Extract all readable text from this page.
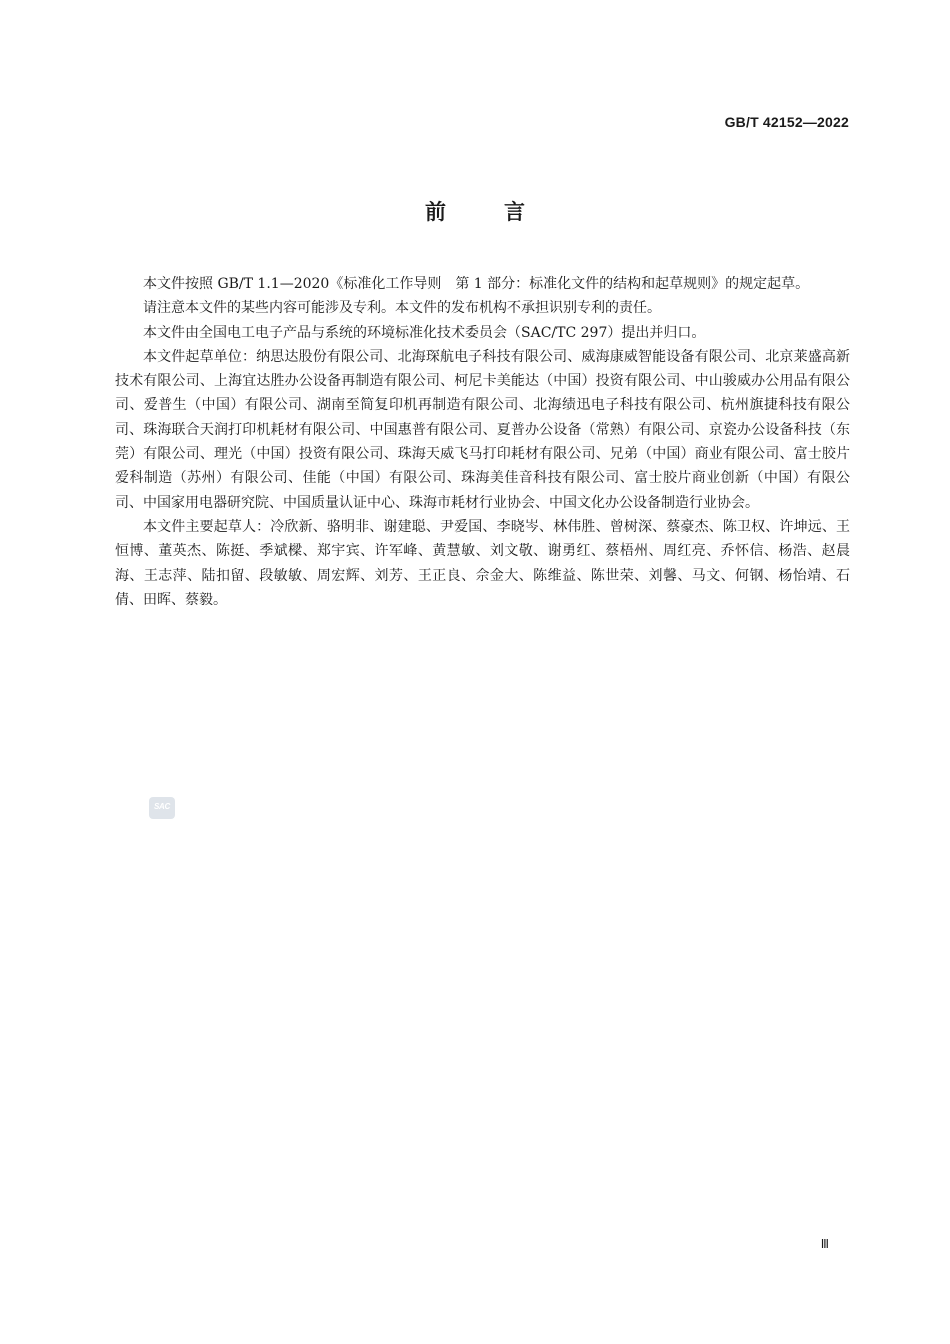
GB/T 42152—2022
前言

本文件按照 GB/T 1.1—2020《标准化工作导则　第 1 部分：标准化文件的结构和起草规则》的规定起草。

请注意本文件的某些内容可能涉及专利。本文件的发布机构不承担识别专利的责任。

本文件由全国电工电子产品与系统的环境标准化技术委员会（SAC/TC 297）提出并归口。

本文件起草单位：纳思达股份有限公司、北海琛航电子科技有限公司、威海康威智能设备有限公司、北京莱盛高新技术有限公司、上海宜达胜办公设备再制造有限公司、柯尼卡美能达（中国）投资有限公司、中山骏威办公用品有限公司、爱普生（中国）有限公司、湖南至简复印机再制造有限公司、北海绩迅电子科技有限公司、杭州旗捷科技有限公司、珠海联合天润打印机耗材有限公司、中国惠普有限公司、夏普办公设备（常熟）有限公司、京瓷办公设备科技（东莞）有限公司、理光（中国）投资有限公司、珠海天威飞马打印耗材有限公司、兄弟（中国）商业有限公司、富士胶片爱科制造（苏州）有限公司、佳能（中国）有限公司、珠海美佳音科技有限公司、富士胶片商业创新（中国）有限公司、中国家用电器研究院、中国质量认证中心、珠海市耗材行业协会、中国文化办公设备制造行业协会。

本文件主要起草人：冷欣新、骆明非、谢建聪、尹爱国、李晓岑、林伟胜、曾树深、蔡豪杰、陈卫权、许坤远、王恒博、董英杰、陈挺、季斌樑、郑宇宾、许军峰、黄慧敏、刘文敬、谢勇红、蔡梧州、周红亮、乔怀信、杨浩、赵晨海、王志萍、陆扣留、段敏敏、周宏辉、刘芳、王正良、佘金大、陈维益、陈世荣、刘馨、马文、何钢、杨怡靖、石倩、田晖、蔡毅。

SAC
Ⅲ
